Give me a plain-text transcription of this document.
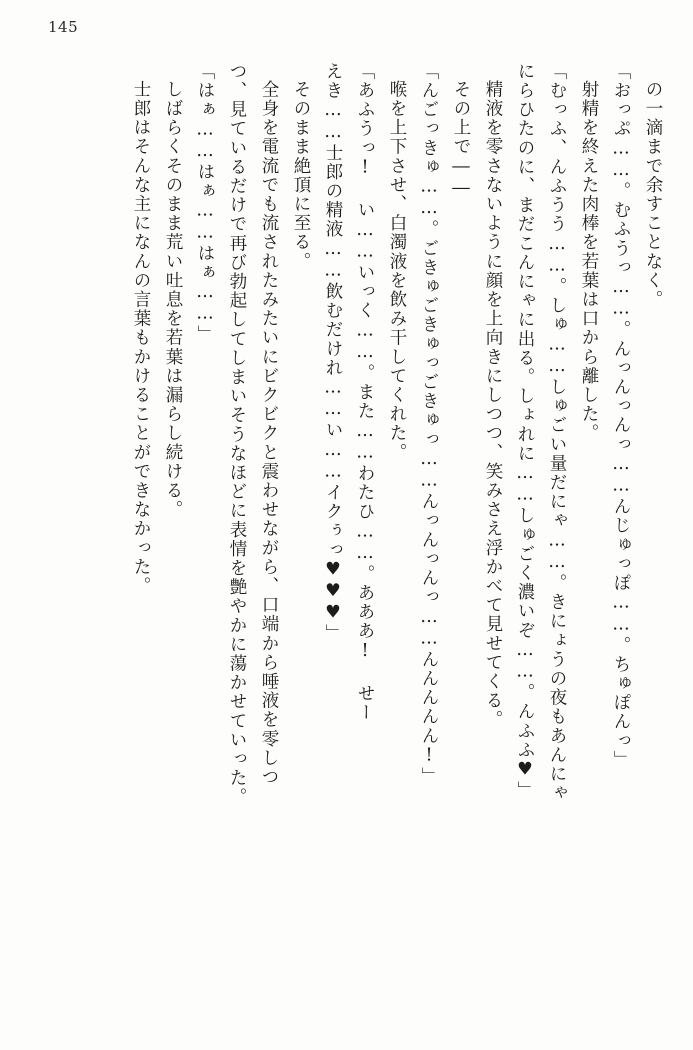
145
の一滴まで余すことなく。
「おっぷ……。むふうっ……。んっんっんっ……んじゅっぽ……。ちゅぽんっ」
射精を終えた肉棒を若葉は口から離した。
「むっふ、んふうう……。しゅ……しゅごい量だにゃ……。きにょうの夜もあんにゃ
にらひたのに、まだこんにゃに出る。しょれに……しゅごく濃いぞ……。んふふ♥」
精液を零さないように顔を上向きにしつつ、笑みさえ浮かべて見せてくる。
その上で――
「んごっきゅ……。ごきゅごきゅっごきゅっ……んっんっんっ……んんんんん!」
喉を上下させ、白濁液を飲み干してくれた。
「あふうっ! い……いっく……。また……わたひ……。あああ! せー
えき……士郎の精液……飲むだけれ……い……イクぅっ♥♥♥」
そのまま絶頂に至る。
全身を電流でも流されたみたいにビクビクと震わせながら、口端から唾液を零しつ
つ、見ているだけで再び勃起してしまいそうなほどに表情を艶やかに蕩かせていった。
「はぁ……はぁ……はぁ……」
しばらくそのまま荒い吐息を若葉は漏らし続ける。
士郎はそんな主になんの言葉もかけることができなかった。
